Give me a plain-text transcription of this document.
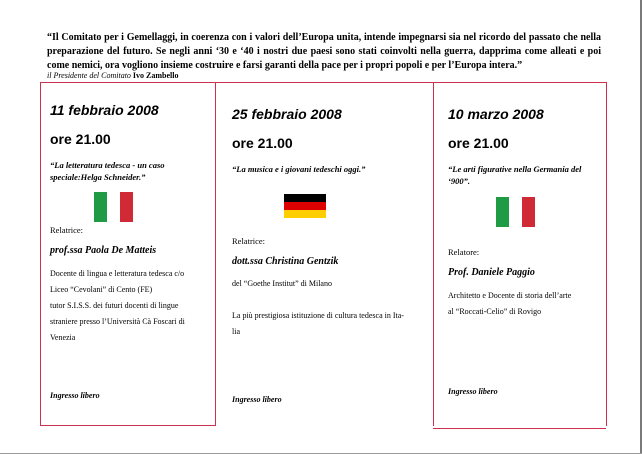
“Il Comitato per i Gemellaggi, in coerenza con i valori dell’Europa unita, intende impegnarsi sia nel ricordo del passato che nella preparazione del futuro. Se negli anni ‘30 e ‘40 i nostri due paesi sono stati coinvolti nella guerra, dapprima come alleati e poi come nemici, ora vogliono insieme costruire e farsi garanti della pace per i propri popoli e per l’Europa intera.”

il Presidente del Comitato Ivo Zambello
11 febbraio 2008
ore 21.00
“La letteratura tedesca - un caso speciale:Helga Schneider.”
Relatrice:
prof.ssa Paola De Matteis
Docente di lingua e letteratura tedesca c/o
Liceo “Cevolani” di Cento (FE)
tutor S.I.S.S. dei futuri docenti di lingue
straniere presso l’Università Cà Foscari di
Venezia
Ingresso libero
25 febbraio 2008
ore 21.00
“La musica e i giovani tedeschi oggi.”
Relatrice:
dott.ssa Christina Gentzik
del “Goethe Institut” di Milano
La più prestigiosa istituzione di cultura tedesca in Ita-
lia
Ingresso libero
10 marzo 2008
ore 21.00
“Le arti figurative nella Germania del ‘900”.
Relatore:
Prof. Daniele Paggio
Architetto e Docente di storia dell’arte
al “Roccati-Celio” di Rovigo
Ingresso libero
